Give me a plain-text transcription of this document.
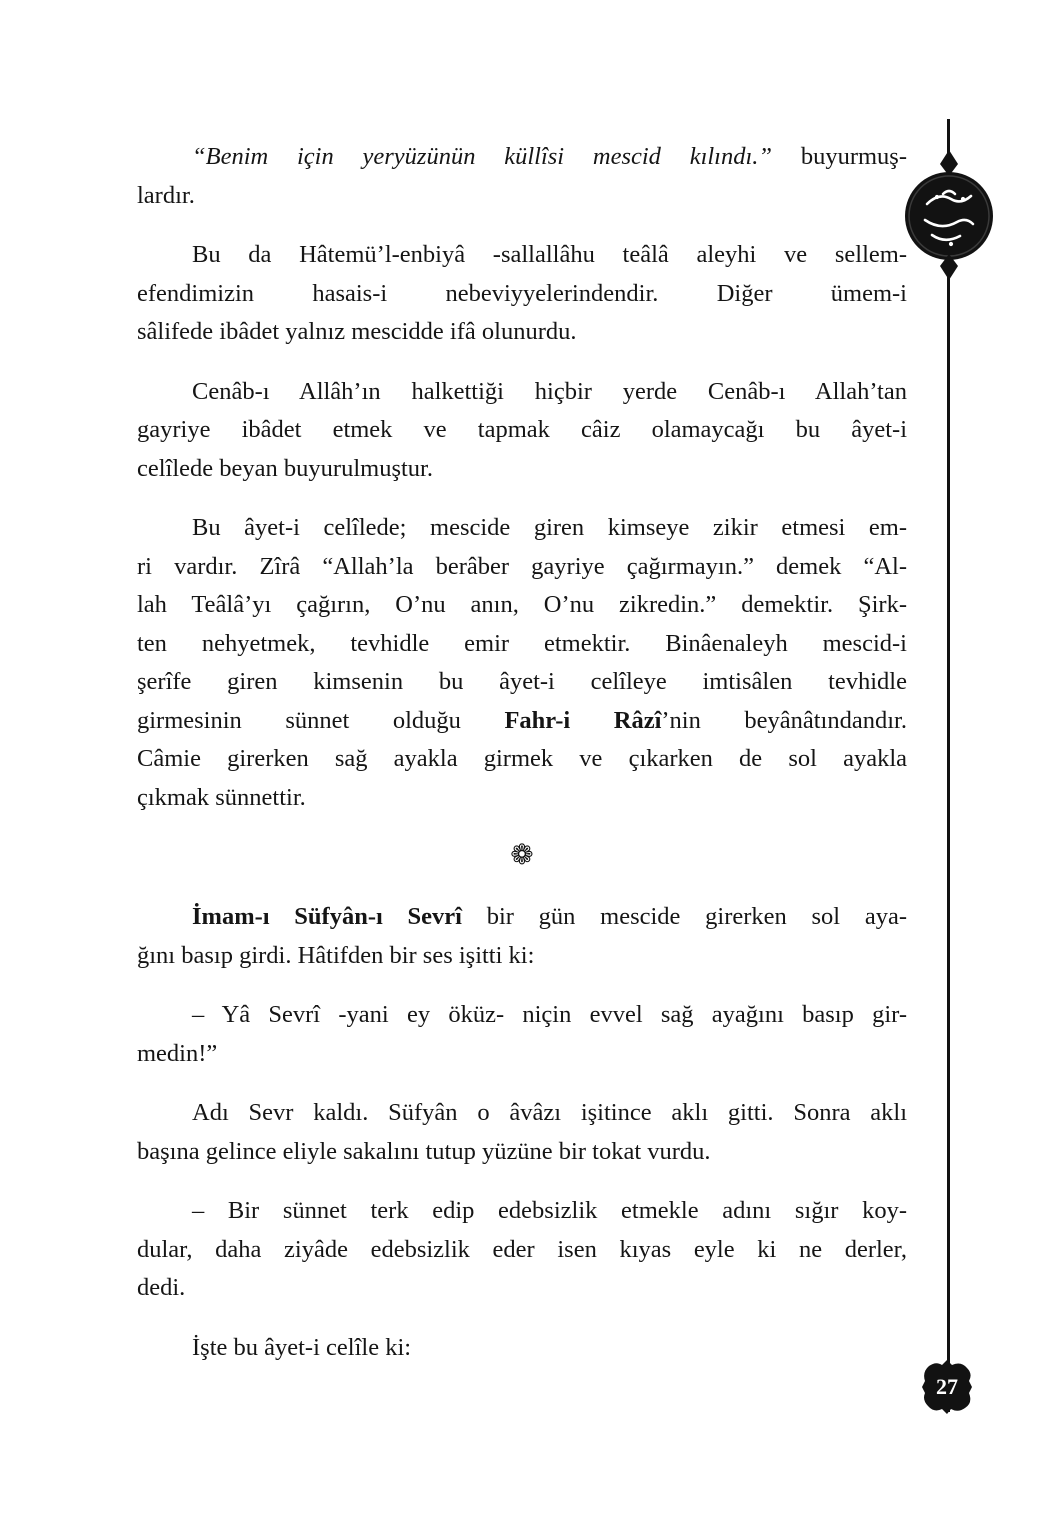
“Benim için yeryüzünün küllîsi mescid kılındı.” buyurmuş-
lardır.

Bu da Hâtemü’l-enbiyâ -sallallâhu teâlâ aleyhi ve sellem-
efendimizin hasais-i nebeviyyelerindendir. Diğer ümem-i
sâlifede ibâdet yalnız mescidde ifâ olunurdu.

Cenâb-ı Allâh’ın halkettiği hiçbir yerde Cenâb-ı Allah’tan
gayriye ibâdet etmek ve tapmak câiz olamaycağı bu âyet-i
celîlede beyan buyurulmuştur.

Bu âyet-i celîlede; mescide giren kimseye zikir etmesi em-
ri vardır. Zîrâ “Allah’la berâber gayriye çağırmayın.” demek “Al-
lah Teâlâ’yı çağırın, O’nu anın, O’nu zikredin.” demektir. Şirk-
ten nehyetmek, tevhidle emir etmektir. Binâenaleyh mescid-i
şerîfe giren kimsenin bu âyet-i celîleye imtisâlen tevhidle
girmesinin sünnet olduğu Fahr-i Râzî’nin beyânâtındandır.
Câmie girerken sağ ayakla girmek ve çıkarken de sol ayakla
çıkmak sünnettir.

❁

İmam-ı Süfyân-ı Sevrî bir gün mescide girerken sol aya-
ğını basıp girdi. Hâtifden bir ses işitti ki:

– Yâ Sevrî -yani ey öküz- niçin evvel sağ ayağını basıp gir-
medin!”

Adı Sevr kaldı. Süfyân o âvâzı işitince aklı gitti. Sonra aklı
başına gelince eliyle sakalını tutup yüzüne bir tokat vurdu.

– Bir sünnet terk edip edebsizlik etmekle adını sığır koy-
dular, daha ziyâde edebsizlik eder isen kıyas eyle ki ne derler,
dedi.

İşte bu âyet-i celîle ki:

27
